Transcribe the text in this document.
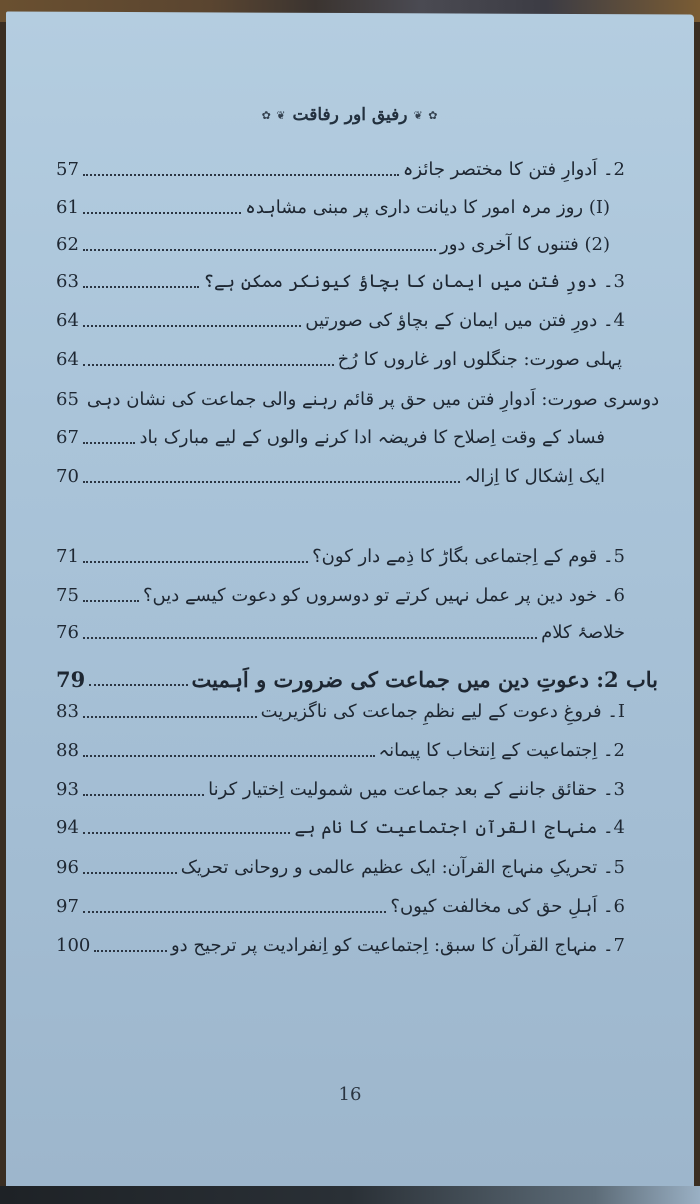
✿ ❦ رفیق اور رفاقت ❦ ✿
57	2۔ اَدوارِ فتن کا مختصر جائزہ
61	(I) روز مرہ امور کا دیانت داری پر مبنی مشاہدہ
62	(2) فتنوں کا آخری دور
63	3۔ دورِ فتن میں ایمان کا بچاؤ کیونکر ممکن ہے؟
64	4۔ دورِ فتن میں ایمان کے بچاؤ کی صورتیں
64	پہلی صورت: جنگلوں اور غاروں کا رُخ
65 دوسری صورت: اَدوارِ فتن میں حق پر قائم رہنے والی جماعت کی نشان دہی
67	فساد کے وقت اِصلاح کا فریضہ ادا کرنے والوں کے لیے مبارک باد
70	ایک اِشکال کا اِزالہ
71	5۔ قوم کے اِجتماعی بگاڑ کا ذِمے دار کون؟
75	6۔ خود دین پر عمل نہیں کرتے تو دوسروں کو دعوت کیسے دیں؟
76	خلاصۂ کلام
79	باب 2: دعوتِ دین میں جماعت کی ضرورت و اَہمیت
83	I۔ فروغِ دعوت کے لیے نظمِ جماعت کی ناگزیریت
88	2۔ اِجتماعیت کے اِنتخاب کا پیمانہ
93	3۔ حقائق جاننے کے بعد جماعت میں شمولیت اِختیار کرنا
94	4۔ منہاج القرآن اجتماعیت کا نام ہے
96	5۔ تحریکِ منہاج القرآن: ایک عظیم عالمی و روحانی تحریک
97	6۔ اَہلِ حق کی مخالفت کیوں؟
100	7۔ منہاج القرآن کا سبق: اِجتماعیت کو اِنفرادیت پر ترجیح دو
16
